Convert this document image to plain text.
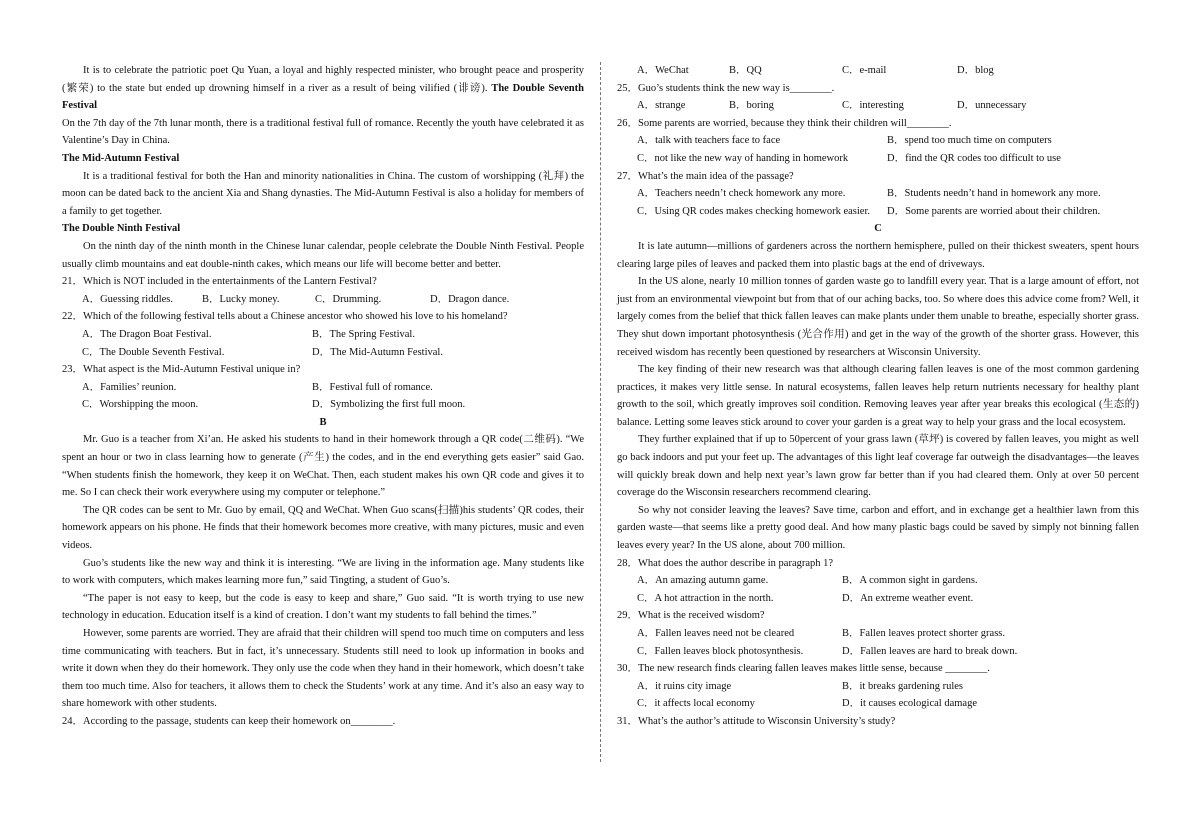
It is to celebrate the patriotic poet Qu Yuan, a loyal and highly respected minister, who brought peace and prosperity (繁荣) to the state but ended up drowning himself in a river as a result of being vilified (诽谤). The Double Seventh Festival

On the 7th day of the 7th lunar month, there is a traditional festival full of romance. Recently the youth have celebrated it as Valentine’s Day in China.

The Mid-Autumn Festival

It is a traditional festival for both the Han and minority nationalities in China. The custom of worshipping (礼拜) the moon can be dated back to the ancient Xia and Shang dynasties. The Mid-Autumn Festival is also a holiday for members of a family to get together.

The Double Ninth Festival

On the ninth day of the ninth month in the Chinese lunar calendar, people celebrate the Double Ninth Festival. People usually climb mountains and eat double-ninth cakes, which means our life will become better and better.

21．Which is NOT included in the entertainments of the Lantern Festival?

A．Guessing riddles.	B．Lucky money.	C．Drumming.	D．Dragon dance.

22．Which of the following festival tells about a Chinese ancestor who showed his love to his homeland?

A．The Dragon Boat Festival.	B．The Spring Festival.
C．The Double Seventh Festival.	D．The Mid-Autumn Festival.

23．What aspect is the Mid-Autumn Festival unique in?

A．Families’ reunion.	B．Festival full of romance.
C．Worshipping the moon.	D．Symbolizing the first full moon.

B

Mr. Guo is a teacher from Xi’an. He asked his students to hand in their homework through a QR code(二维码). “We spent an hour or two in class learning how to generate (产生) the codes, and in the end everything gets easier” said Gao. “When students finish the homework, they keep it on WeChat. Then, each student makes his own QR code and gives it to me. So I can check their work everywhere using my computer or telephone.”

The QR codes can be sent to Mr. Guo by email, QQ and WeChat. When Guo scans(扫描)his students’ QR codes, their homework appears on his phone. He finds that their homework becomes more creative, with many pictures, music and even videos.

Guo’s students like the new way and think it is interesting. “We are living in the information age. Many students like to work with computers, which makes learning more fun,” said Tingting, a student of Guo’s.

“The paper is not easy to keep, but the code is easy to keep and share,” Guo said. “It is worth trying to use new technology in education. Education itself is a kind of creation. I don’t want my students to fall behind the times.”

However, some parents are worried. They are afraid that their children will spend too much time on computers and less time communicating with teachers. But in fact, it’s unnecessary. Students still need to look up information in books and write it down when they do their homework. They only use the code when they hand in their homework, which doesn’t take them too much time. Also for teachers, it allows them to check the Students’ work at any time. And it’s also an easy way to share homework with other students.

24．According to the passage, students can keep their homework on________.

A．WeChat	B．QQ	C．e-mail	D．blog

25．Guo’s students think the new way is________.

A．strange	B．boring	C．interesting	D．unnecessary

26．Some parents are worried, because they think their children will________.

A．talk with teachers face to face	B．spend too much time on computers
C．not like the new way of handing in homework	D．find the QR codes too difficult to use

27．What’s the main idea of the passage?

A．Teachers needn’t check homework any more.	B．Students needn’t hand in homework any more.
C．Using QR codes makes checking homework easier.	D．Some parents are worried about their children.

C

It is late autumn—millions of gardeners across the northern hemisphere, pulled on their thickest sweaters, spent hours clearing large piles of leaves and packed them into plastic bags at the end of driveways.

In the US alone, nearly 10 million tonnes of garden waste go to landfill every year. That is a large amount of effort, not just from an environmental viewpoint but from that of our aching backs, too. So where does this advice come from? Well, it largely comes from the belief that thick fallen leaves can make plants under them unable to breathe, especially shorter grass. They shut down important photosynthesis (光合作用) and get in the way of the growth of the shorter grass. However, this received wisdom has recently been questioned by researchers at Wisconsin University.

The key finding of their new research was that although clearing fallen leaves is one of the most common gardening practices, it makes very little sense. In natural ecosystems, fallen leaves help return nutrients necessary for healthy plant growth to the soil, which greatly improves soil condition. Removing leaves year after year breaks this ecological (生态的) balance. Letting some leaves stick around to cover your garden is a great way to help your grass and the local ecosystem.

They further explained that if up to 50percent of your grass lawn (草坪) is covered by fallen leaves, you might as well go back indoors and put your feet up. The advantages of this light leaf coverage far outweigh the disadvantages—the leaves will quickly break down and help next year’s lawn grow far better than if you had cleared them. Only at over 50 percent coverage do the Wisconsin researchers recommend clearing.

So why not consider leaving the leaves? Save time, carbon and effort, and in exchange get a healthier lawn from this garden waste—that seems like a pretty good deal. And how many plastic bags could be saved by simply not binning fallen leaves every year? In the US alone, about 700 million.

28．What does the author describe in paragraph 1?

A．An amazing autumn game.	B．A common sight in gardens.
C．A hot attraction in the north.	D．An extreme weather event.

29．What is the received wisdom?

A．Fallen leaves need not be cleared	B．Fallen leaves protect shorter grass.
C．Fallen leaves block photosynthesis.	D．Fallen leaves are hard to break down.

30．The new research finds clearing fallen leaves makes little sense, because ________.

A．it ruins city image	B．it breaks gardening rules
C．it affects local economy	D．it causes ecological damage

31．What’s the author’s attitude to Wisconsin University’s study?
